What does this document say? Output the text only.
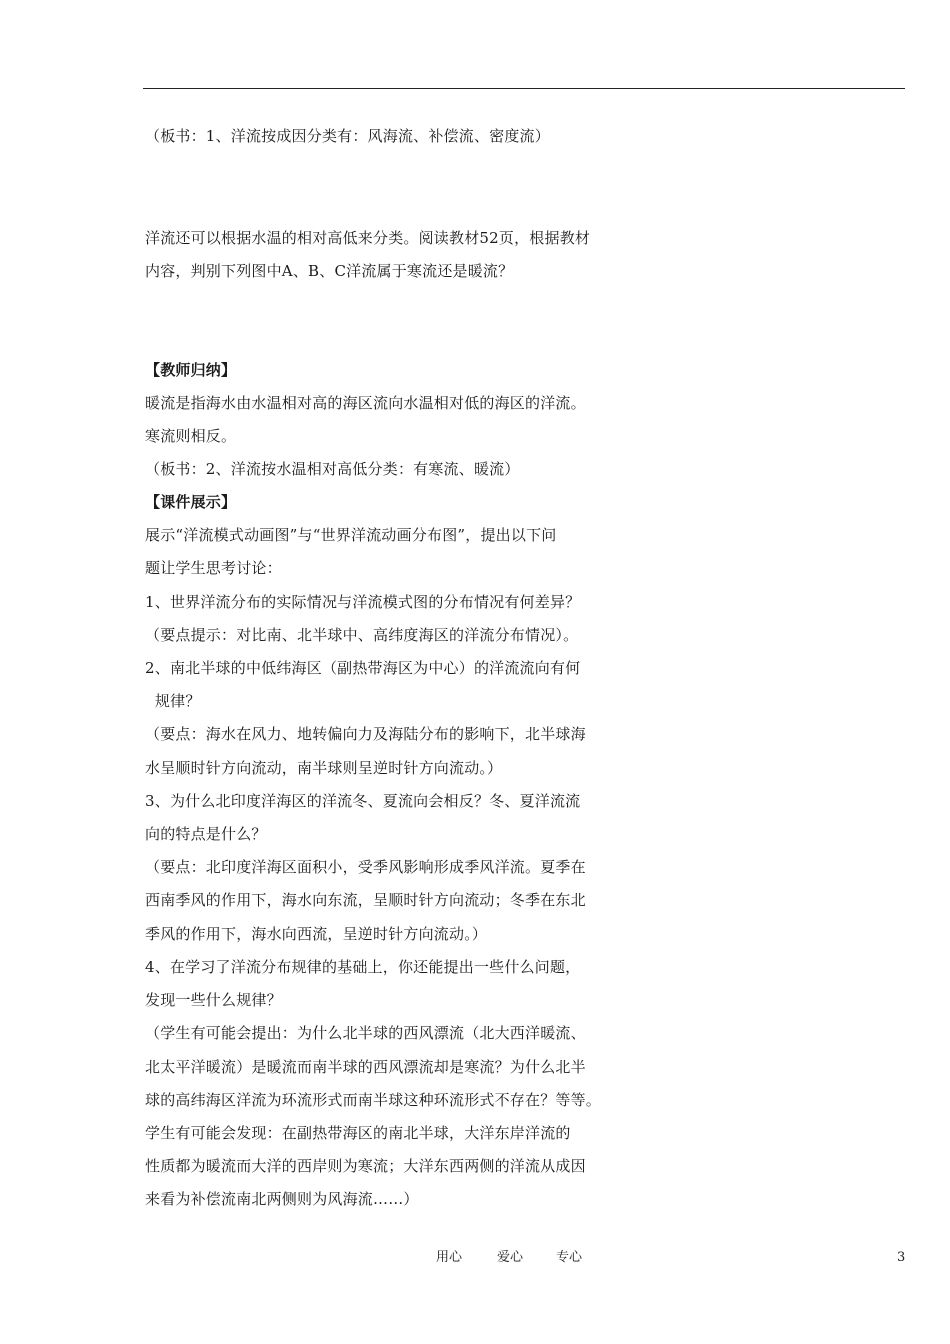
（板书：1、洋流按成因分类有：风海流、补偿流、密度流）
洋流还可以根据水温的相对高低来分类。阅读教材52页，根据教材
内容，判别下列图中A、B、C洋流属于寒流还是暖流？
【教师归纳】
暖流是指海水由水温相对高的海区流向水温相对低的海区的洋流。
寒流则相反。
（板书：2、洋流按水温相对高低分类：有寒流、暖流）
【课件展示】
展示“洋流模式动画图”与“世界洋流动画分布图”，提出以下问
题让学生思考讨论：
1、世界洋流分布的实际情况与洋流模式图的分布情况有何差异？
（要点提示：对比南、北半球中、高纬度海区的洋流分布情况）。
2、南北半球的中低纬海区（副热带海区为中心）的洋流流向有何
规律？
（要点：海水在风力、地转偏向力及海陆分布的影响下，北半球海
水呈顺时针方向流动，南半球则呈逆时针方向流动。）
3、为什么北印度洋海区的洋流冬、夏流向会相反？冬、夏洋流流
向的特点是什么？
（要点：北印度洋海区面积小，受季风影响形成季风洋流。夏季在
西南季风的作用下，海水向东流，呈顺时针方向流动；冬季在东北
季风的作用下，海水向西流，呈逆时针方向流动。）
4、在学习了洋流分布规律的基础上，你还能提出一些什么问题，
发现一些什么规律？
（学生有可能会提出：为什么北半球的西风漂流（北大西洋暖流、
北太平洋暖流）是暖流而南半球的西风漂流却是寒流？为什么北半
球的高纬海区洋流为环流形式而南半球这种环流形式不存在？等等。
学生有可能会发现：在副热带海区的南北半球，大洋东岸洋流的
性质都为暖流而大洋的西岸则为寒流；大洋东西两侧的洋流从成因
来看为补偿流南北两侧则为风海流……）
用心	爱心	专心	3
